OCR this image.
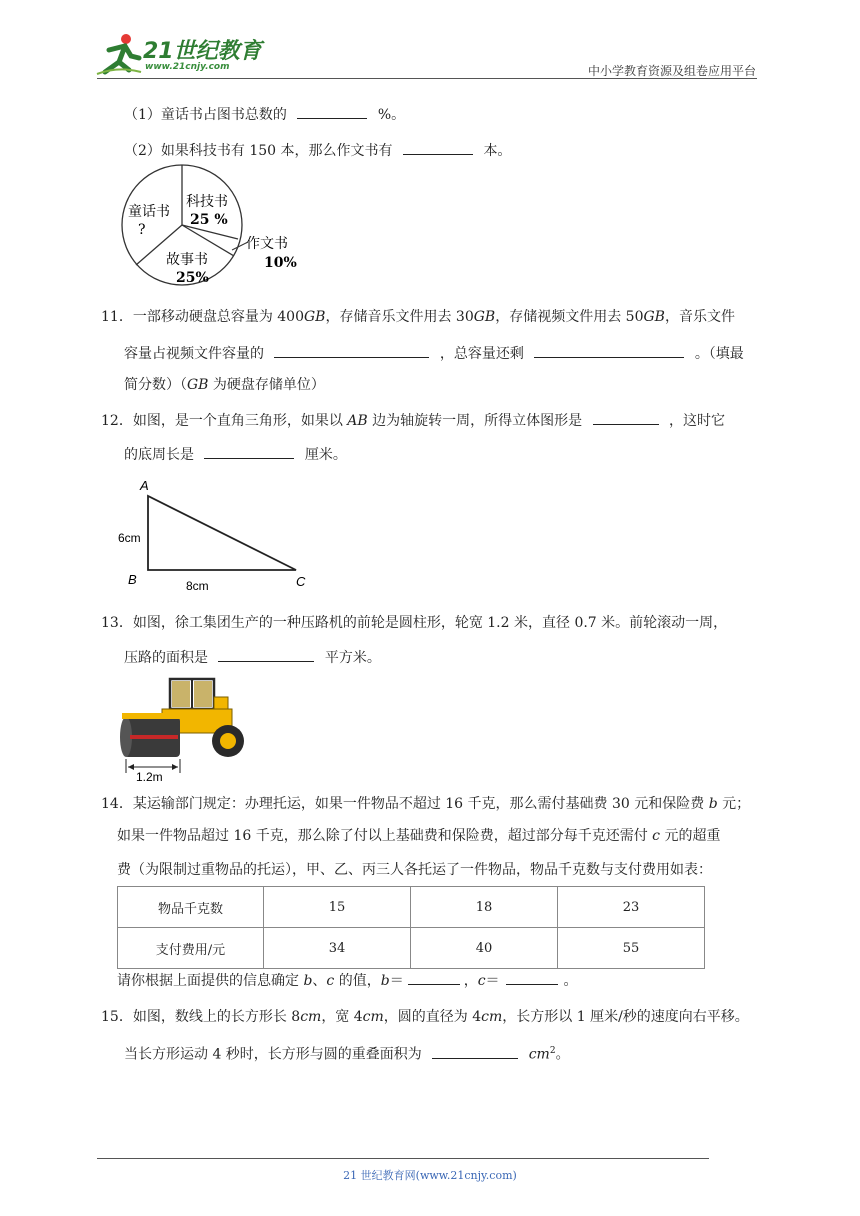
21世纪教育
www.21cnjy.com	中小学教育资源及组卷应用平台
（1）童话书占图书总数的	%。
（2）如果科技书有 150 本，那么作文书有	本。
童话书
?
科技书
25 %
作文书
10%
故事书
25%
11．一部移动硬盘总容量为 400GB，存储音乐文件用去 30GB，存储视频文件用去 50GB，音乐文件
容量占视频文件容量的	，总容量还剩	。（填最
简分数）（GB 为硬盘存储单位）
12．如图，是一个直角三角形，如果以 AB 边为轴旋转一周，所得立体图形是	，这时它
的底周长是	厘米。
A
B	C
6cm
8cm
13．如图，徐工集团生产的一种压路机的前轮是圆柱形，轮宽 1.2 米，直径 0.7 米。前轮滚动一周，
压路的面积是	平方米。
1.2m
14．某运输部门规定：办理托运，如果一件物品不超过 16 千克，那么需付基础费 30 元和保险费 b 元；
如果一件物品超过 16 千克，那么除了付以上基础费和保险费，超过部分每千克还需付 c 元的超重
费（为限制过重物品的托运），甲、乙、丙三人各托运了一件物品，物品千克数与支付费用如表：
物品千克数	15	18	23
支付费用/元	34	40	55
请你根据上面提供的信息确定 b、c 的值，b＝	，c＝	。
15．如图，数线上的长方形长 8cm，宽 4cm，圆的直径为 4cm，长方形以 1 厘米/秒的速度向右平移。
当长方形运动 4 秒时，长方形与圆的重叠面积为	$cm^2$。
21 世纪教育网(www.21cnjy.com)
